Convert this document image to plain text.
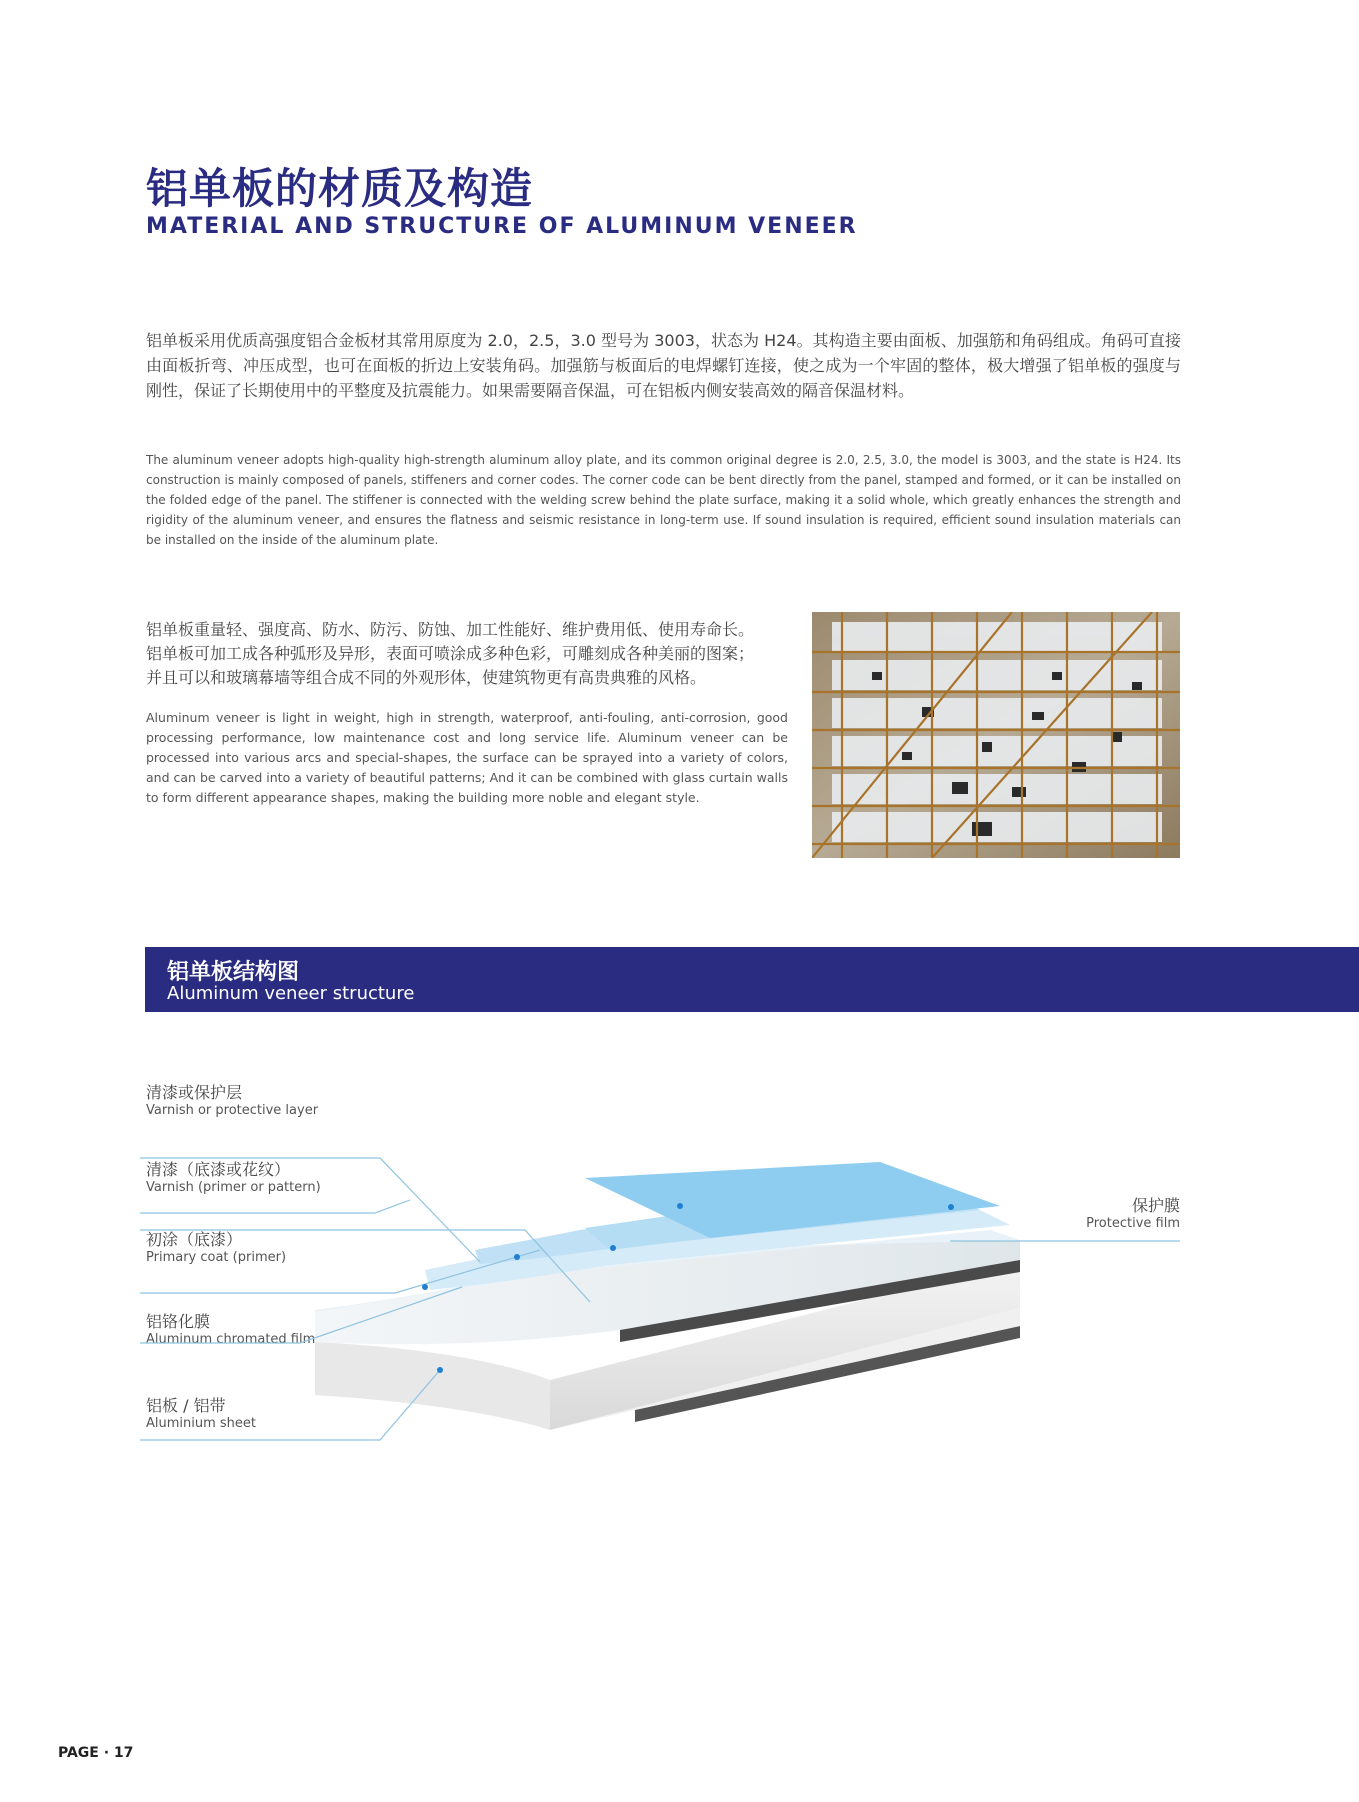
铝单板的材质及构造
MATERIAL AND STRUCTURE OF ALUMINUM VENEER

铝单板采用优质高强度铝合金板材其常用原度为 2.0，2.5，3.0 型号为 3003，状态为 H24。其构造主要由面板、加强筋和角码组成。角码可直接由面板折弯、冲压成型，也可在面板的折边上安装角码。加强筋与板面后的电焊螺钉连接，使之成为一个牢固的整体，极大增强了铝单板的强度与刚性，保证了长期使用中的平整度及抗震能力。如果需要隔音保温，可在铝板内侧安装高效的隔音保温材料。

The aluminum veneer adopts high-quality high-strength aluminum alloy plate, and its common original degree is 2.0, 2.5, 3.0, the model is 3003, and the state is H24. Its construction is mainly composed of panels, stiffeners and corner codes. The corner code can be bent directly from the panel, stamped and formed, or it can be installed on the folded edge of the panel. The stiffener is connected with the welding screw behind the plate surface, making it a solid whole, which greatly enhances the strength and rigidity of the aluminum veneer, and ensures the flatness and seismic resistance in long-term use. If sound insulation is required, efficient sound insulation materials can be installed on the inside of the aluminum plate.

铝单板重量轻、强度高、防水、防污、防蚀、加工性能好、维护费用低、使用寿命长。
铝单板可加工成各种弧形及异形，表面可喷涂成多种色彩，可雕刻成各种美丽的图案；
并且可以和玻璃幕墙等组合成不同的外观形体，使建筑物更有高贵典雅的风格。

Aluminum veneer is light in weight, high in strength, waterproof, anti-fouling, anti-corrosion, good processing performance, low maintenance cost and long service life. Aluminum veneer can be processed into various arcs and special-shapes, the surface can be sprayed into a variety of colors, and can be carved into a variety of beautiful patterns; And it can be combined with glass curtain walls to form different appearance shapes, making the building more noble and elegant style.

铝单板结构图
Aluminum veneer structure
清漆或保护层
Varnish or protective layer
清漆（底漆或花纹）
Varnish (primer or pattern)
初涂（底漆）
Primary coat (primer)
铝铬化膜
Aluminum chromated film
铝板 / 铝带
Aluminium sheet
保护膜
Protective film
PAGE · 17
